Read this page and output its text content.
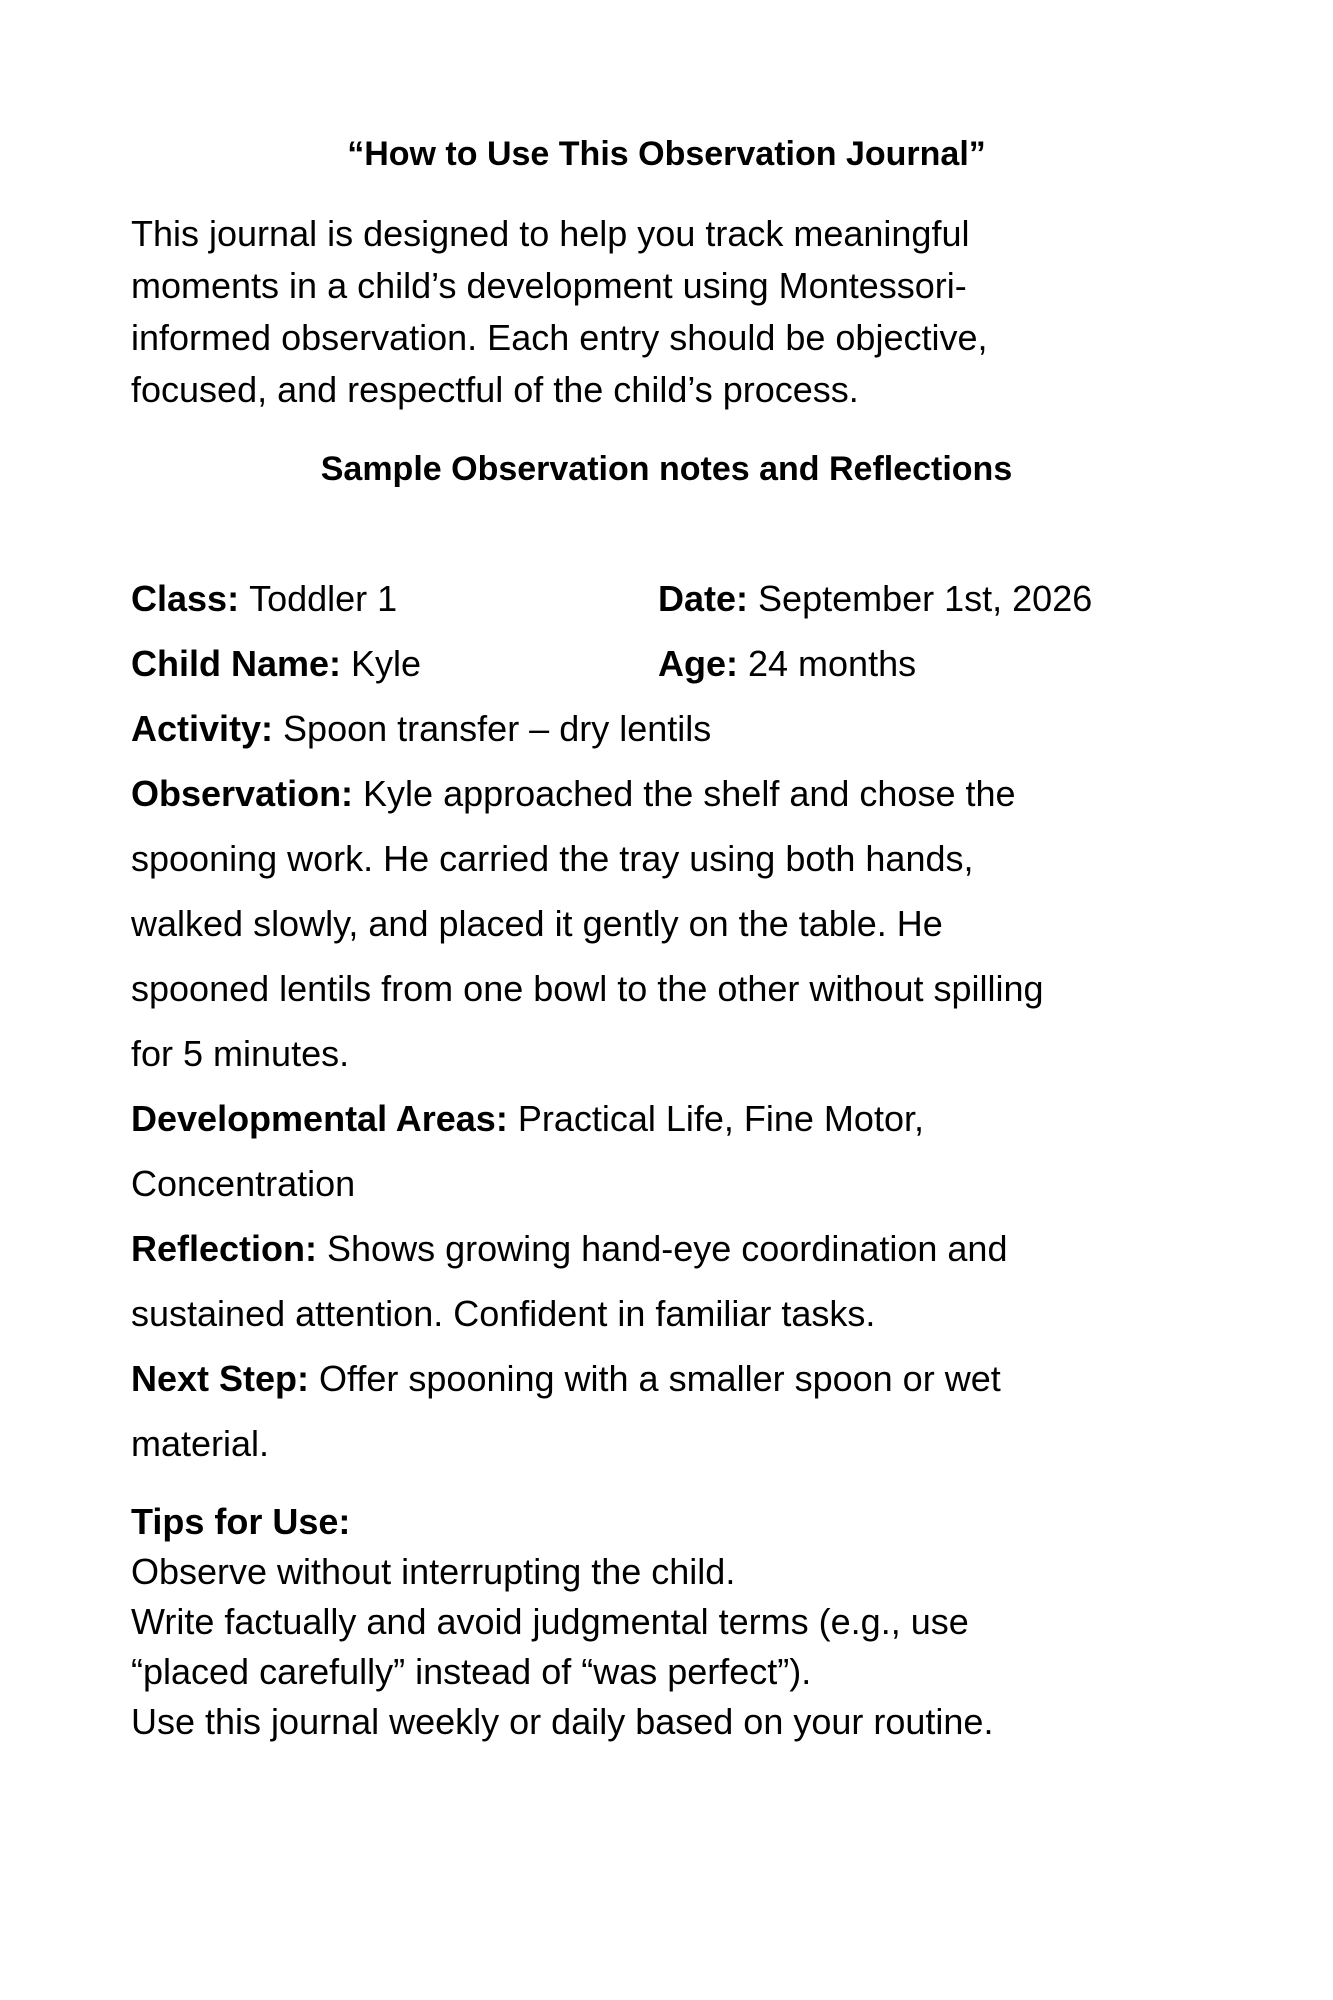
“How to Use This Observation Journal”
This journal is designed to help you track meaningful
moments in a child’s development using Montessori-
informed observation. Each entry should be objective,
focused, and respectful of the child’s process.
Sample Observation notes and Reflections
Class: Toddler 1	Date: September 1st, 2026
Child Name: Kyle	Age: 24 months
Activity: Spoon transfer – dry lentils
Observation: Kyle approached the shelf and chose the
spooning work. He carried the tray using both hands,
walked slowly, and placed it gently on the table. He
spooned lentils from one bowl to the other without spilling
for 5 minutes.
Developmental Areas: Practical Life, Fine Motor,
Concentration
Reflection: Shows growing hand-eye coordination and
sustained attention. Confident in familiar tasks.
Next Step: Offer spooning with a smaller spoon or wet
material.
Tips for Use:
Observe without interrupting the child.
Write factually and avoid judgmental terms (e.g., use
“placed carefully” instead of “was perfect”).
Use this journal weekly or daily based on your routine.
